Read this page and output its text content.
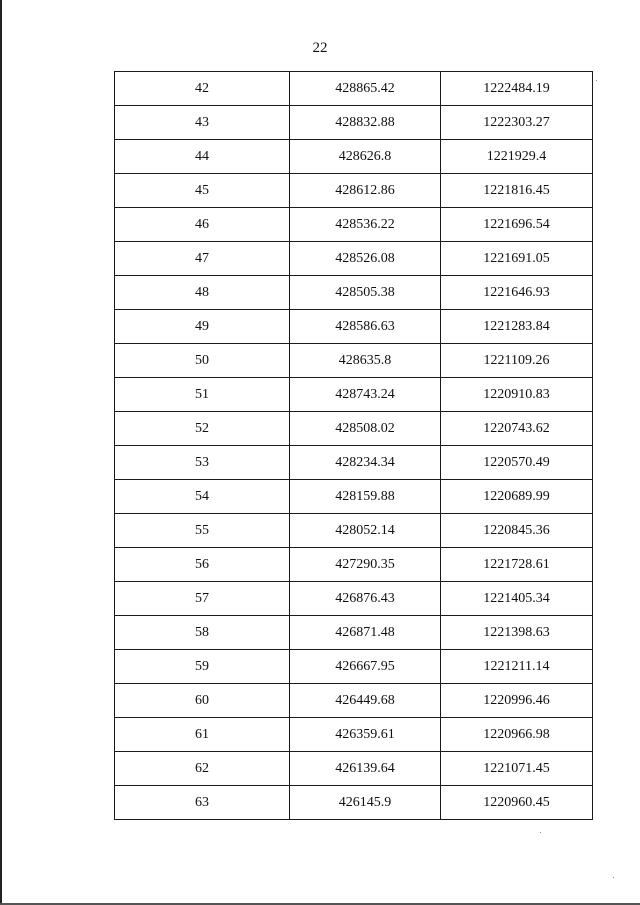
22
42	428865.42	1222484.19
43	428832.88	1222303.27
44	428626.8	1221929.4
45	428612.86	1221816.45
46	428536.22	1221696.54
47	428526.08	1221691.05
48	428505.38	1221646.93
49	428586.63	1221283.84
50	428635.8	1221109.26
51	428743.24	1220910.83
52	428508.02	1220743.62
53	428234.34	1220570.49
54	428159.88	1220689.99
55	428052.14	1220845.36
56	427290.35	1221728.61
57	426876.43	1221405.34
58	426871.48	1221398.63
59	426667.95	1221211.14
60	426449.68	1220996.46
61	426359.61	1220966.98
62	426139.64	1221071.45
63	426145.9	1220960.45
